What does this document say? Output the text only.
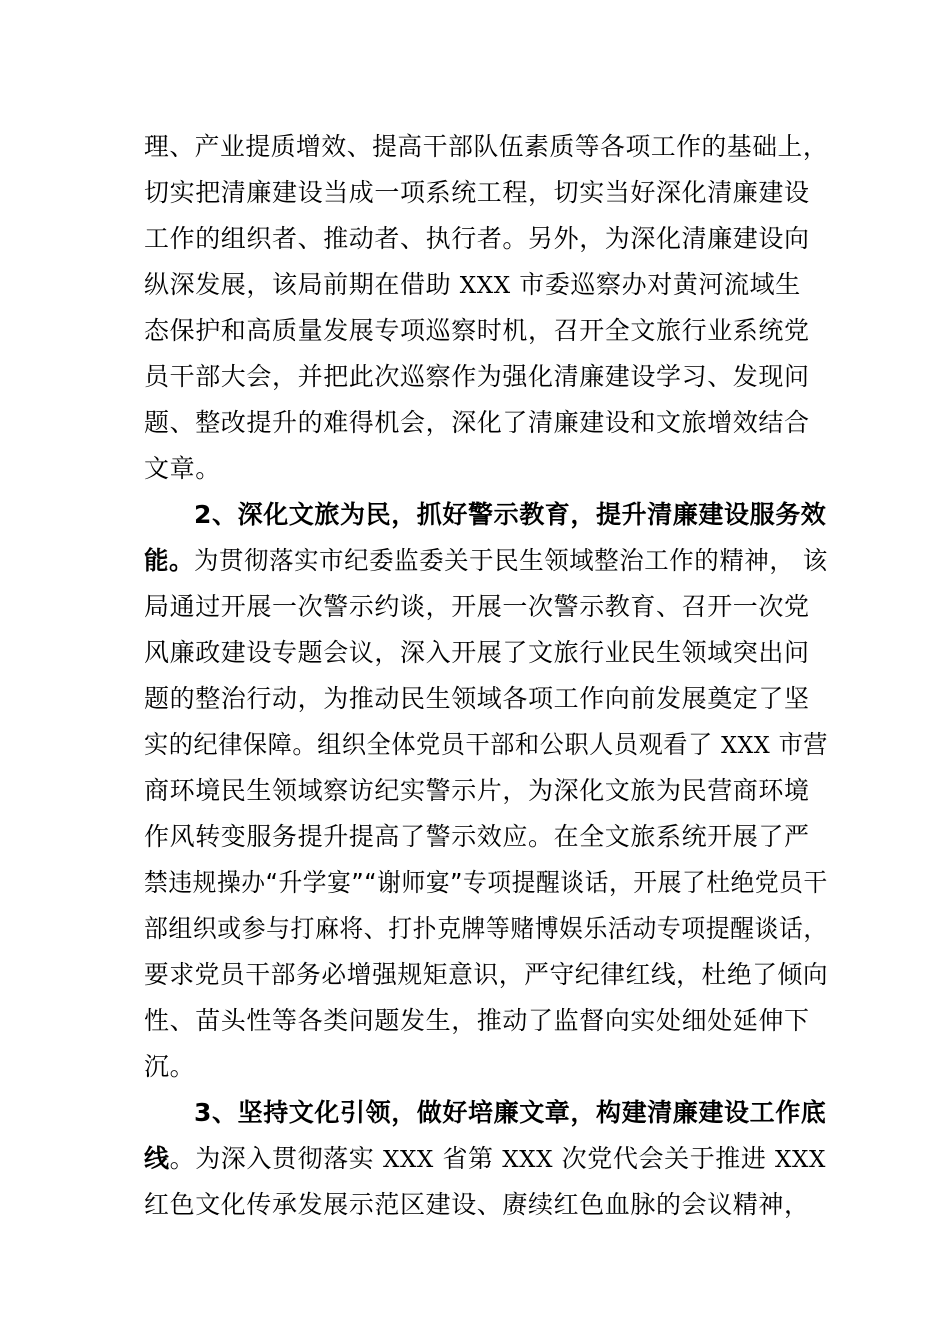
理、产业提质增效、提高干部队伍素质等各项工作的基础上，
切实把清廉建设当成一项系统工程，切实当好深化清廉建设
工作的组织者、推动者、执行者。另外，为深化清廉建设向
纵深发展，该局前期在借助 XXX 市委巡察办对黄河流域生
态保护和高质量发展专项巡察时机，召开全文旅行业系统党
员干部大会，并把此次巡察作为强化清廉建设学习、发现问
题、整改提升的难得机会，深化了清廉建设和文旅增效结合
文章。
2、深化文旅为民，抓好警示教育，提升清廉建设服务效
能。为贯彻落实市纪委监委关于民生领域整治工作的精神， 该
局通过开展一次警示约谈，开展一次警示教育、召开一次党
风廉政建设专题会议，深入开展了文旅行业民生领域突出问
题的整治行动，为推动民生领域各项工作向前发展奠定了坚
实的纪律保障。组织全体党员干部和公职人员观看了 XXX 市营
商环境民生领域察访纪实警示片，为深化文旅为民营商环境
作风转变服务提升提高了警示效应。在全文旅系统开展了严
禁违规操办“升学宴”“谢师宴”专项提醒谈话，开展了杜绝党员干
部组织或参与打麻将、打扑克牌等赌博娱乐活动专项提醒谈话，
要求党员干部务必增强规矩意识，严守纪律红线，杜绝了倾向
性、苗头性等各类问题发生，推动了监督向实处细处延伸下
沉。
3、坚持文化引领，做好培廉文章，构建清廉建设工作底
线。为深入贯彻落实 XXX 省第 XXX 次党代会关于推进 XXX
红色文化传承发展示范区建设、赓续红色血脉的会议精神，
